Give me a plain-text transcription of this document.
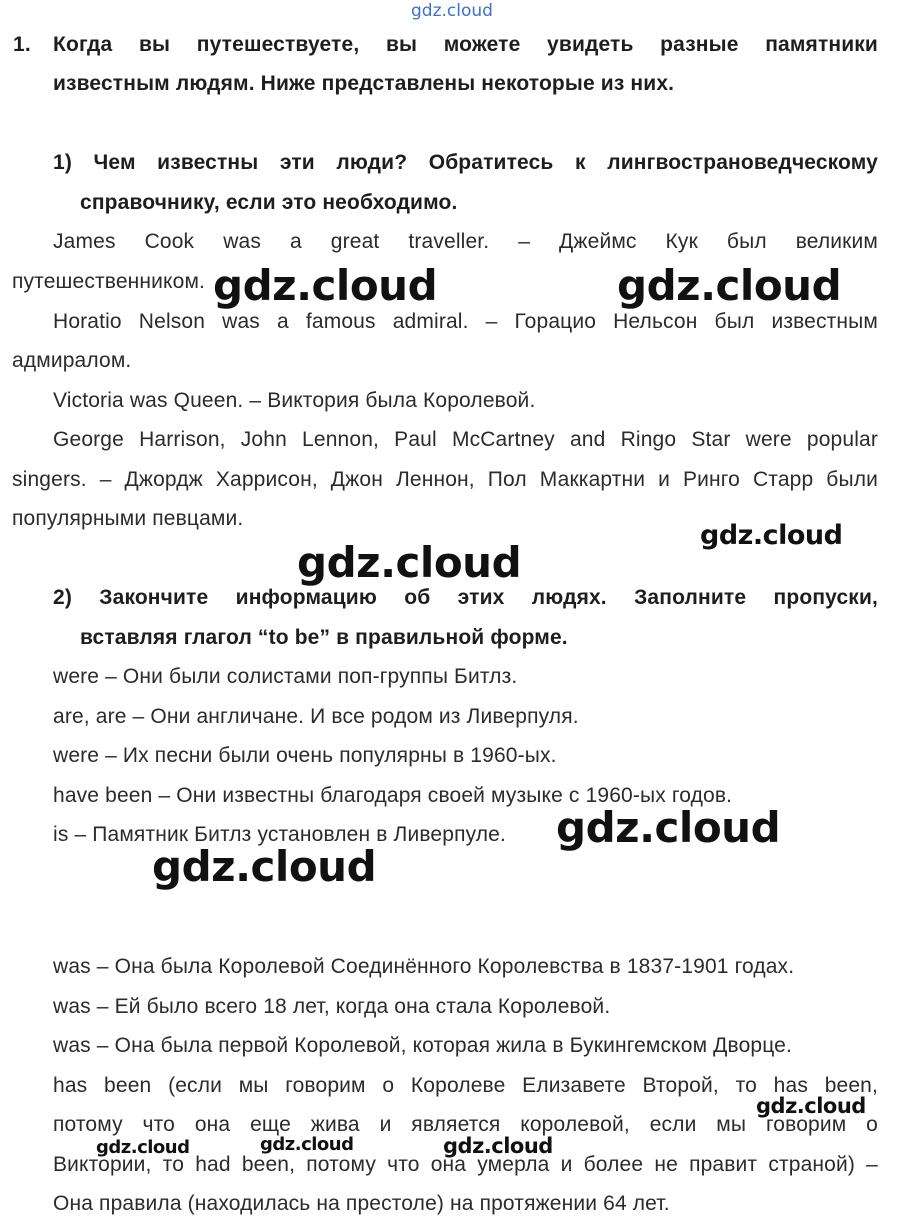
gdz.cloud
1. Когда вы путешествуете, вы можете увидеть разные памятники
известным людям. Ниже представлены некоторые из них.
1) Чем известны эти люди? Обратитесь к лингвострановедческому
справочнику, если это необходимо.
James Cook was a great traveller. – Джеймс Кук был великим
путешественником.
Horatio Nelson was a famous admiral. – Горацио Нельсон был известным
адмиралом.
Victoria was Queen. – Виктория была Королевой.
George Harrison, John Lennon, Paul McCartney and Ringo Star were popular
singers. – Джордж Харрисон, Джон Леннон, Пол Маккартни и Ринго Старр были
популярными певцами.
2) Закончите информацию об этих людях. Заполните пропуски,
вставляя глагол “to be” в правильной форме.
were – Они были солистами поп-группы Битлз.
are, are – Они англичане. И все родом из Ливерпуля.
were – Их песни были очень популярны в 1960-ых.
have been – Они известны благодаря своей музыке с 1960-ых годов.
is – Памятник Битлз установлен в Ливерпуле.
was – Она была Королевой Соединённого Королевства в 1837-1901 годах.
was – Ей было всего 18 лет, когда она стала Королевой.
was – Она была первой Королевой, которая жила в Букингемском Дворце.
has been (если мы говорим о Королеве Елизавете Второй, то has been,
потому что она еще жива и является королевой, если мы говорим о
Виктории, то had been, потому что она умерла и более не правит страной) –
Она правила (находилась на престоле) на протяжении 64 лет.
gdz.cloud	gdz.cloud
gdz.cloud
gdz.cloud
gdz.cloud
gdz.cloud
gdz.cloud
gdz.cloud	gdz.cloud	gdz.cloud
